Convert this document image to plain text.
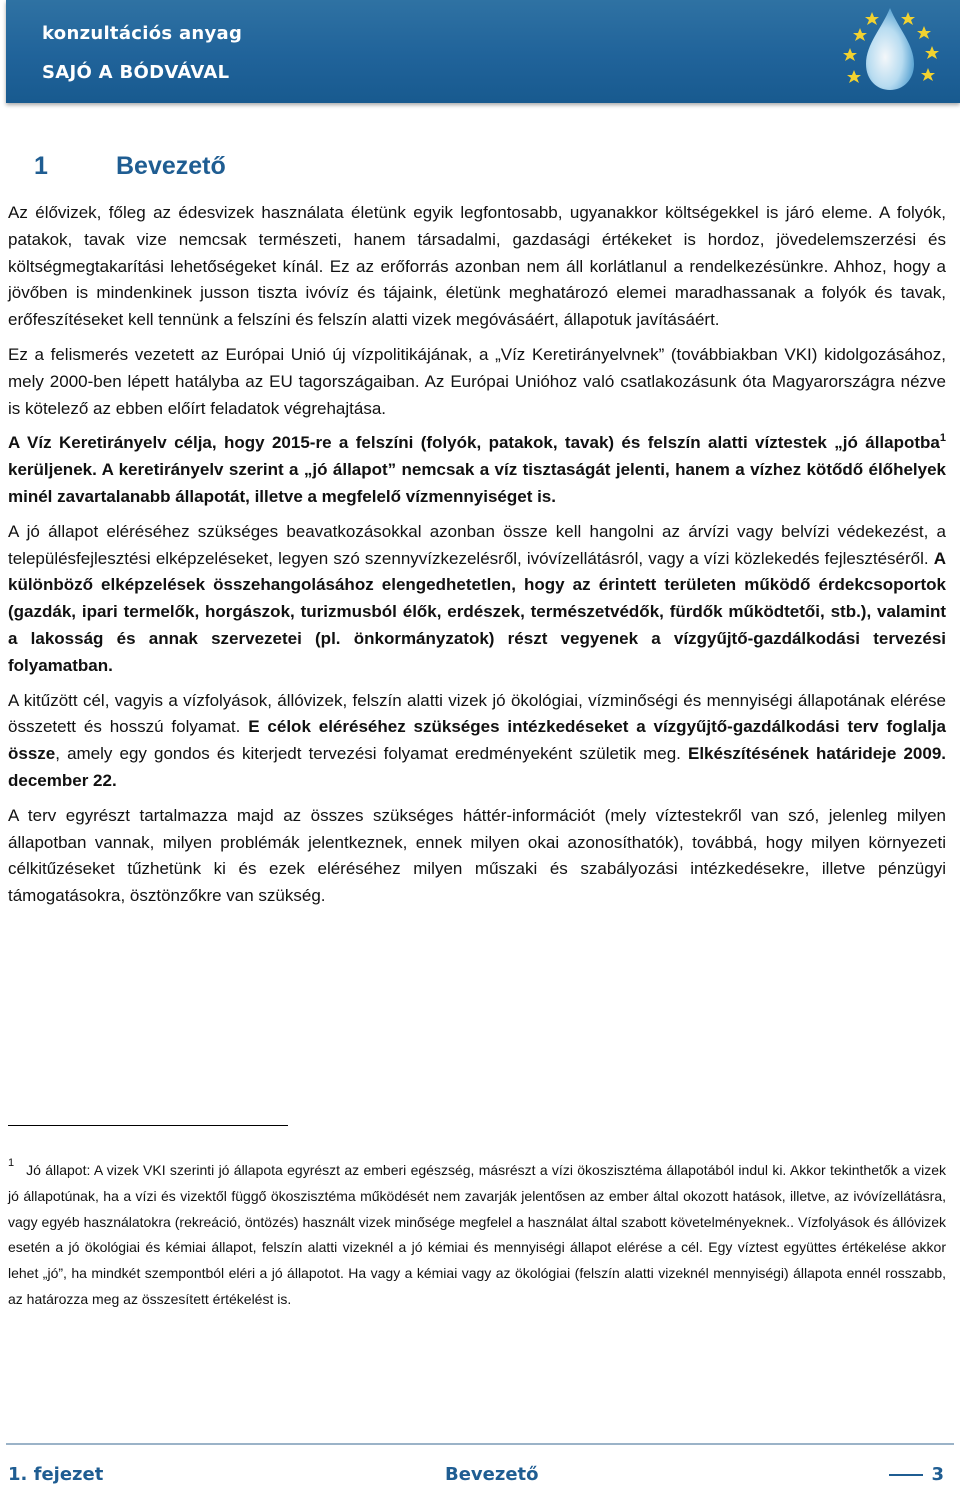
konzultációs anyag
SAJÓ A BÓDVÁVAL
1	Bevezető

Az élővizek, főleg az édesvizek használata életünk egyik legfontosabb, ugyanakkor költségekkel is járó eleme. A folyók, patakok, tavak vize nemcsak természeti, hanem társadalmi, gazdasági értékeket is hordoz, jövedelemszerzési és költségmegtakarítási lehetőségeket kínál. Ez az erőforrás azonban nem áll korlátlanul a rendelkezésünkre. Ahhoz, hogy a jövőben is mindenkinek jusson tiszta ivóvíz és tájaink, életünk meghatározó elemei maradhassanak a folyók és tavak, erőfeszítéseket kell tennünk a felszíni és felszín alatti vizek megóvásáért, állapotuk javításáért.

Ez a felismerés vezetett az Európai Unió új vízpolitikájának, a „Víz Keretirányelvnek” (továbbiakban VKI) kidolgozásához, mely 2000-ben lépett hatályba az EU tagországaiban. Az Európai Unióhoz való csatlakozásunk óta Magyarországra nézve is kötelező az ebben előírt feladatok végrehajtása.

A Víz Keretirányelv célja, hogy 2015-re a felszíni (folyók, patakok, tavak) és felszín alatti víztestek „jó állapotba$^1$ kerüljenek. A keretirányelv szerint a „jó állapot” nemcsak a víz tisztaságát jelenti, hanem a vízhez kötődő élőhelyek minél zavartalanabb állapotát, illetve a megfelelő vízmennyiséget is.

A jó állapot eléréséhez szükséges beavatkozásokkal azonban össze kell hangolni az árvízi vagy belvízi védekezést, a településfejlesztési elképzeléseket, legyen szó szennyvízkezelésről, ivóvízellátásról, vagy a vízi közlekedés fejlesztéséről. A különböző elképzelések összehangolásához elengedhetetlen, hogy az érintett területen működő érdekcsoportok (gazdák, ipari termelők, horgászok, turizmusból élők, erdészek, természetvédők, fürdők működtetői, stb.), valamint a lakosság és annak szervezetei (pl. önkormányzatok) részt vegyenek a vízgyűjtő-gazdálkodási tervezési folyamatban.

A kitűzött cél, vagyis a vízfolyások, állóvizek, felszín alatti vizek jó ökológiai, vízminőségi és mennyiségi állapotának elérése összetett és hosszú folyamat. E célok eléréséhez szükséges intézkedéseket a vízgyűjtő-gazdálkodási terv foglalja össze, amely egy gondos és kiterjedt tervezési folyamat eredményeként születik meg. Elkészítésének határideje 2009. december 22.

A terv egyrészt tartalmazza majd az összes szükséges háttér-információt (mely víztestekről van szó, jelenleg milyen állapotban vannak, milyen problémák jelentkeznek, ennek milyen okai azonosíthatók), továbbá, hogy milyen környezeti célkitűzéseket tűzhetünk ki és ezek eléréséhez milyen műszaki és szabályozási intézkedésekre, illetve pénzügyi támogatásokra, ösztönzőkre van szükség.

$^1$ Jó állapot: A vizek VKI szerinti jó állapota egyrészt az emberi egészség, másrészt a vízi ökoszisztéma állapotából indul ki. Akkor tekinthetők a vizek jó állapotúnak, ha a vízi és vizektől függő ökoszisztéma működését nem zavarják jelentősen az ember által okozott hatások, illetve, az ivóvízellátásra, vagy egyéb használatokra (rekreáció, öntözés) használt vizek minősége megfelel a használat által szabott követelményeknek.. Vízfolyások és állóvizek esetén a jó ökológiai és kémiai állapot, felszín alatti vizeknél a jó kémiai és mennyiségi állapot elérése a cél. Egy víztest együttes értékelése akkor lehet „jó”, ha mindkét szempontból eléri a jó állapotot. Ha vagy a kémiai vagy az ökológiai (felszín alatti vizeknél mennyiségi) állapota ennél rosszabb, az határozza meg az összesített értékelést is.
1. fejezet	Bevezető	3
